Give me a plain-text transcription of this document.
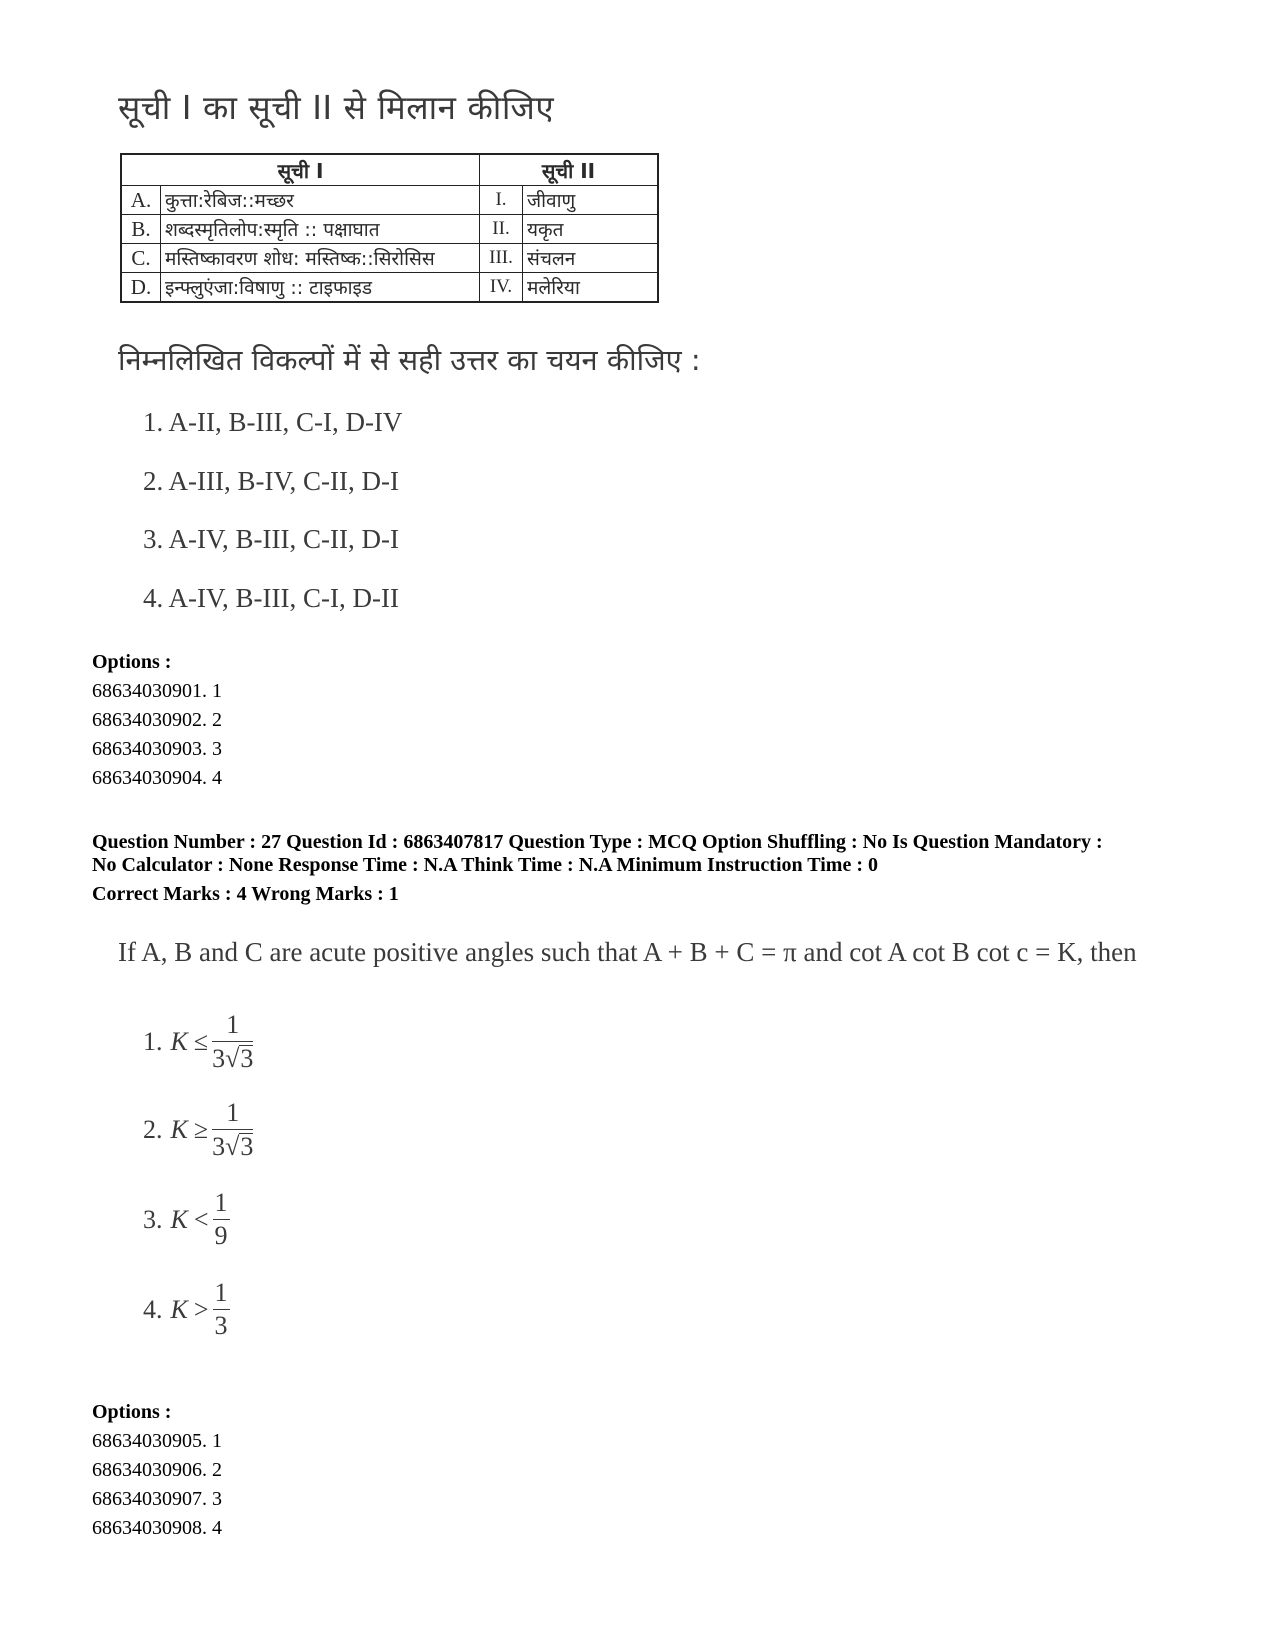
सूची I का सूची II से मिलान कीजिए
सूची I		सूची II	
A.	कुत्ता:रेबिज::मच्छर	I.	जीवाणु
B.	शब्दस्मृतिलोप:स्मृति :: पक्षाघात	II.	यकृत
C.	मस्तिष्कावरण शोध: मस्तिष्क::सिरोसिस	III.	संचलन
D.	इन्फ्लुएंजा:विषाणु :: टाइफाइड	IV.	मलेरिया
निम्नलिखित विकल्पों में से सही उत्तर का चयन कीजिए :
1. A-II, B-III, C-I, D-IV
2. A-III, B-IV, C-II, D-I
3. A-IV, B-III, C-II, D-I
4. A-IV, B-III, C-I, D-II
Options :
68634030901. 1
68634030902. 2
68634030903. 3
68634030904. 4
Question Number : 27 Question Id : 6863407817 Question Type : MCQ Option Shuffling : No Is Question Mandatory :
No Calculator : None Response Time : N.A Think Time : N.A Minimum Instruction Time : 0
Correct Marks : 4 Wrong Marks : 1
If A, B and C are acute positive angles such that A + B + C = π and cot A cot B cot c = K, then
1. $K \le \frac{1}{3 √ 3}$
2. $K \ge \frac{1}{3 √ 3}$
3. $K < \frac{1}{9}$
4. $K > \frac{1}{3}$
Options :
68634030905. 1
68634030906. 2
68634030907. 3
68634030908. 4
